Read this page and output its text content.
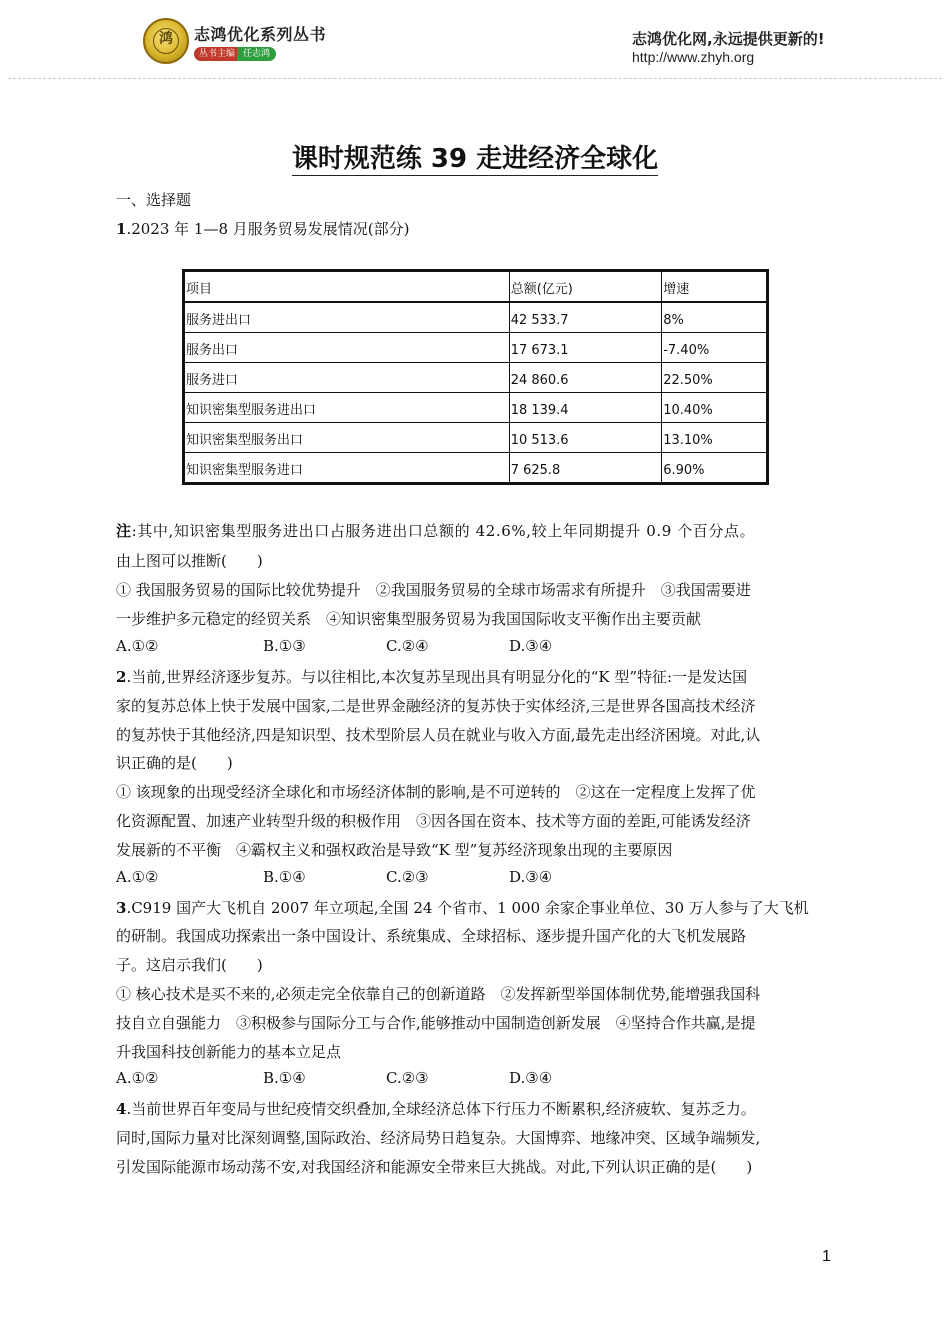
鸿	志鸿优化系列丛书
丛书主编 任志鸿
志鸿优化网,永远提供更新的!
http://www.zhyh.org
课时规范练 39 走进经济全球化
一、选择题
1.2023 年 1—8 月服务贸易发展情况(部分)
项目	总额(亿元)	增速
服务进出口	42 533.7	8%
服务出口	17 673.1	-7.40%
服务进口	24 860.6	22.50%
知识密集型服务进出口	18 139.4	10.40%
知识密集型服务出口	10 513.6	13.10%
知识密集型服务进口	7 625.8	6.90%
注:其中,知识密集型服务进出口占服务进出口总额的 42.6%,较上年同期提升 0.9 个百分点。
由上图可以推断(　　)
① 我国服务贸易的国际比较优势提升　②我国服务贸易的全球市场需求有所提升　③我国需要进
一步维护多元稳定的经贸关系　④知识密集型服务贸易为我国国际收支平衡作出主要贡献
A.①②	B.①③	C.②④	D.③④
2.当前,世界经济逐步复苏。与以往相比,本次复苏呈现出具有明显分化的“K 型”特征:一是发达国
家的复苏总体上快于发展中国家,二是世界金融经济的复苏快于实体经济,三是世界各国高技术经济
的复苏快于其他经济,四是知识型、技术型阶层人员在就业与收入方面,最先走出经济困境。对此,认
识正确的是(　　)
① 该现象的出现受经济全球化和市场经济体制的影响,是不可逆转的　②这在一定程度上发挥了优
化资源配置、加速产业转型升级的积极作用　③因各国在资本、技术等方面的差距,可能诱发经济
发展新的不平衡　④霸权主义和强权政治是导致“K 型”复苏经济现象出现的主要原因
A.①②	B.①④	C.②③	D.③④
3.C919 国产大飞机自 2007 年立项起,全国 24 个省市、1 000 余家企事业单位、30 万人参与了大飞机
的研制。我国成功探索出一条中国设计、系统集成、全球招标、逐步提升国产化的大飞机发展路
子。这启示我们(　　)
① 核心技术是买不来的,必须走完全依靠自己的创新道路　②发挥新型举国体制优势,能增强我国科
技自立自强能力　③积极参与国际分工与合作,能够推动中国制造创新发展　④坚持合作共赢,是提
升我国科技创新能力的基本立足点
A.①②	B.①④	C.②③	D.③④
4.当前世界百年变局与世纪疫情交织叠加,全球经济总体下行压力不断累积,经济疲软、复苏乏力。
同时,国际力量对比深刻调整,国际政治、经济局势日趋复杂。大国博弈、地缘冲突、区域争端频发,
引发国际能源市场动荡不安,对我国经济和能源安全带来巨大挑战。对此,下列认识正确的是(　　)
1
